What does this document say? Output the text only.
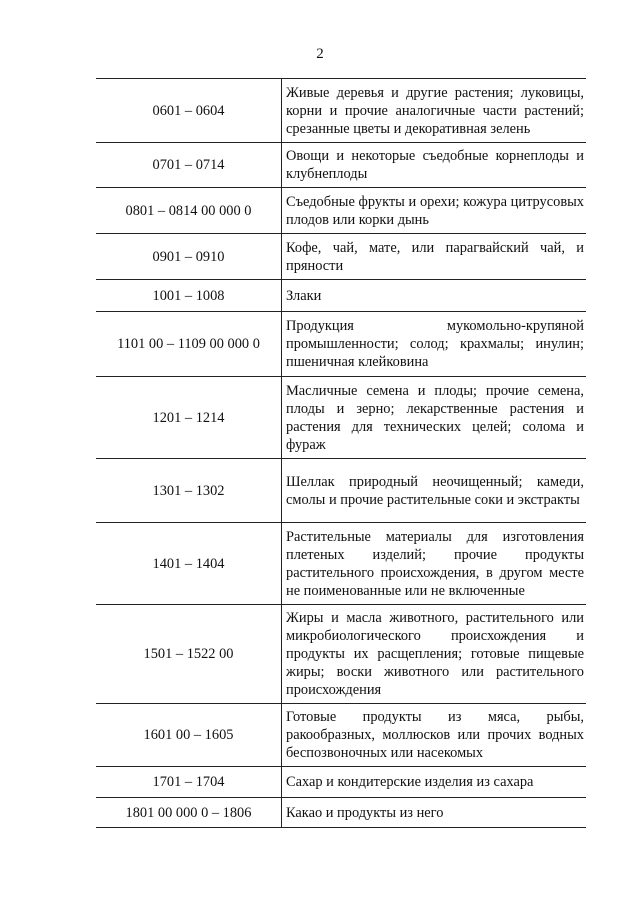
2
0601 – 0604	Живые деревья и другие растения; луковицы, корни и прочие аналогичные части растений; срезанные цветы и декоративная зелень
0701 – 0714	Овощи и некоторые съедобные корнеплоды и клубнеплоды
0801 – 0814 00 000 0	Съедобные фрукты и орехи; кожура цитрусовых плодов или корки дынь
0901 – 0910	Кофе, чай, мате, или парагвайский чай, и пряности
1001 – 1008	Злаки
1101 00 – 1109 00 000 0	Продукция мукомольно-крупяной промышленности; солод; крахмалы; инулин; пшеничная клейковина
1201 – 1214	Масличные семена и плоды; прочие семена, плоды и зерно; лекарственные растения и растения для технических целей; солома и фураж
1301 – 1302	Шеллак природный неочищенный; камеди, смолы и прочие растительные соки и экстракты
1401 – 1404	Растительные материалы для изготовления плетеных изделий; прочие продукты растительного происхождения, в другом месте не поименованные или не включенные
1501 – 1522 00	Жиры и масла животного, растительного или микробиологического происхождения и продукты их расщепления; готовые пищевые жиры; воски животного или растительного происхождения
1601 00 – 1605	Готовые продукты из мяса, рыбы, ракообразных, моллюсков или прочих водных беспозвоночных или насекомых
1701 – 1704	Сахар и кондитерские изделия из сахара
1801 00 000 0 – 1806	Какао и продукты из него
